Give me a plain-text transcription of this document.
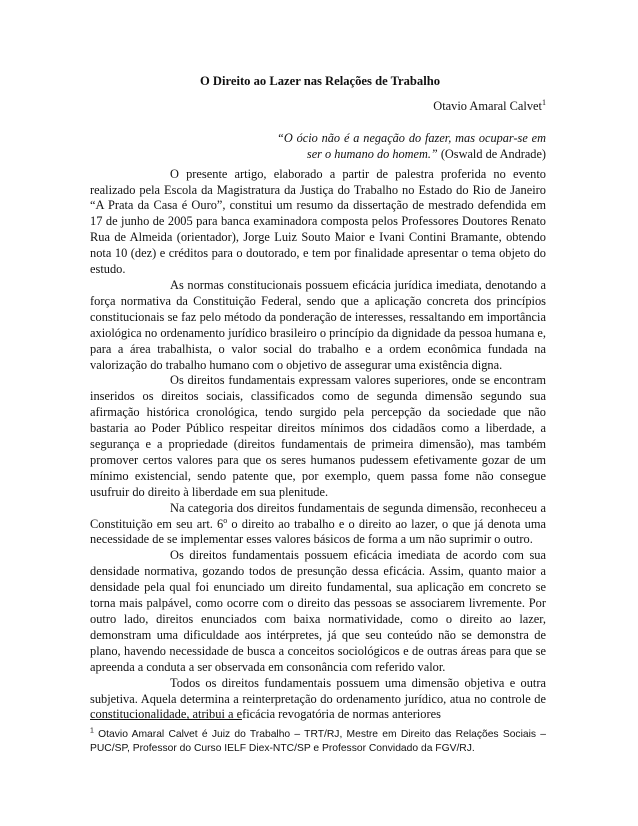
O Direito ao Lazer nas Relações de Trabalho
Otavio Amaral Calvet$^1$
“O ócio não é a negação do fazer, mas ocupar-se em ser o humano do homem.” (Oswald de Andrade)

O presente artigo, elaborado a partir de palestra proferida no evento realizado pela Escola da Magistratura da Justiça do Trabalho no Estado do Rio de Janeiro “A Prata da Casa é Ouro”, constitui um resumo da dissertação de mestrado defendida em 17 de junho de 2005 para banca examinadora composta pelos Professores Doutores Renato Rua de Almeida (orientador), Jorge Luiz Souto Maior e Ivani Contini Bramante, obtendo nota 10 (dez) e créditos para o doutorado, e tem por finalidade apresentar o tema objeto do estudo.

As normas constitucionais possuem eficácia jurídica imediata, denotando a força normativa da Constituição Federal, sendo que a aplicação concreta dos princípios constitucionais se faz pelo método da ponderação de interesses, ressaltando em importância axiológica no ordenamento jurídico brasileiro o princípio da dignidade da pessoa humana e, para a área trabalhista, o valor social do trabalho e a ordem econômica fundada na valorização do trabalho humano com o objetivo de assegurar uma existência digna.

Os direitos fundamentais expressam valores superiores, onde se encontram inseridos os direitos sociais, classificados como de segunda dimensão segundo sua afirmação histórica cronológica, tendo surgido pela percepção da sociedade que não bastaria ao Poder Público respeitar direitos mínimos dos cidadãos como a liberdade, a segurança e a propriedade (direitos fundamentais de primeira dimensão), mas também promover certos valores para que os seres humanos pudessem efetivamente gozar de um mínimo existencial, sendo patente que, por exemplo, quem passa fome não consegue usufruir do direito à liberdade em sua plenitude.

Na categoria dos direitos fundamentais de segunda dimensão, reconheceu a Constituição em seu art. 6$^o$ o direito ao trabalho e o direito ao lazer, o que já denota uma necessidade de se implementar esses valores básicos de forma a um não suprimir o outro.

Os direitos fundamentais possuem eficácia imediata de acordo com sua densidade normativa, gozando todos de presunção dessa eficácia. Assim, quanto maior a densidade pela qual foi enunciado um direito fundamental, sua aplicação em concreto se torna mais palpável, como ocorre com o direito das pessoas se associarem livremente. Por outro lado, direitos enunciados com baixa normatividade, como o direito ao lazer, demonstram uma dificuldade aos intérpretes, já que seu conteúdo não se demonstra de plano, havendo necessidade de busca a conceitos sociológicos e de outras áreas para que se apreenda a conduta a ser observada em consonância com referido valor.

Todos os direitos fundamentais possuem uma dimensão objetiva e outra subjetiva. Aquela determina a reinterpretação do ordenamento jurídico, atua no controle de constitucionalidade, atribui a eficácia revogatória de normas anteriores

$^1$ Otavio Amaral Calvet é Juiz do Trabalho – TRT/RJ, Mestre em Direito das Relações Sociais – PUC/SP, Professor do Curso IELF Diex-NTC/SP e Professor Convidado da FGV/RJ.
